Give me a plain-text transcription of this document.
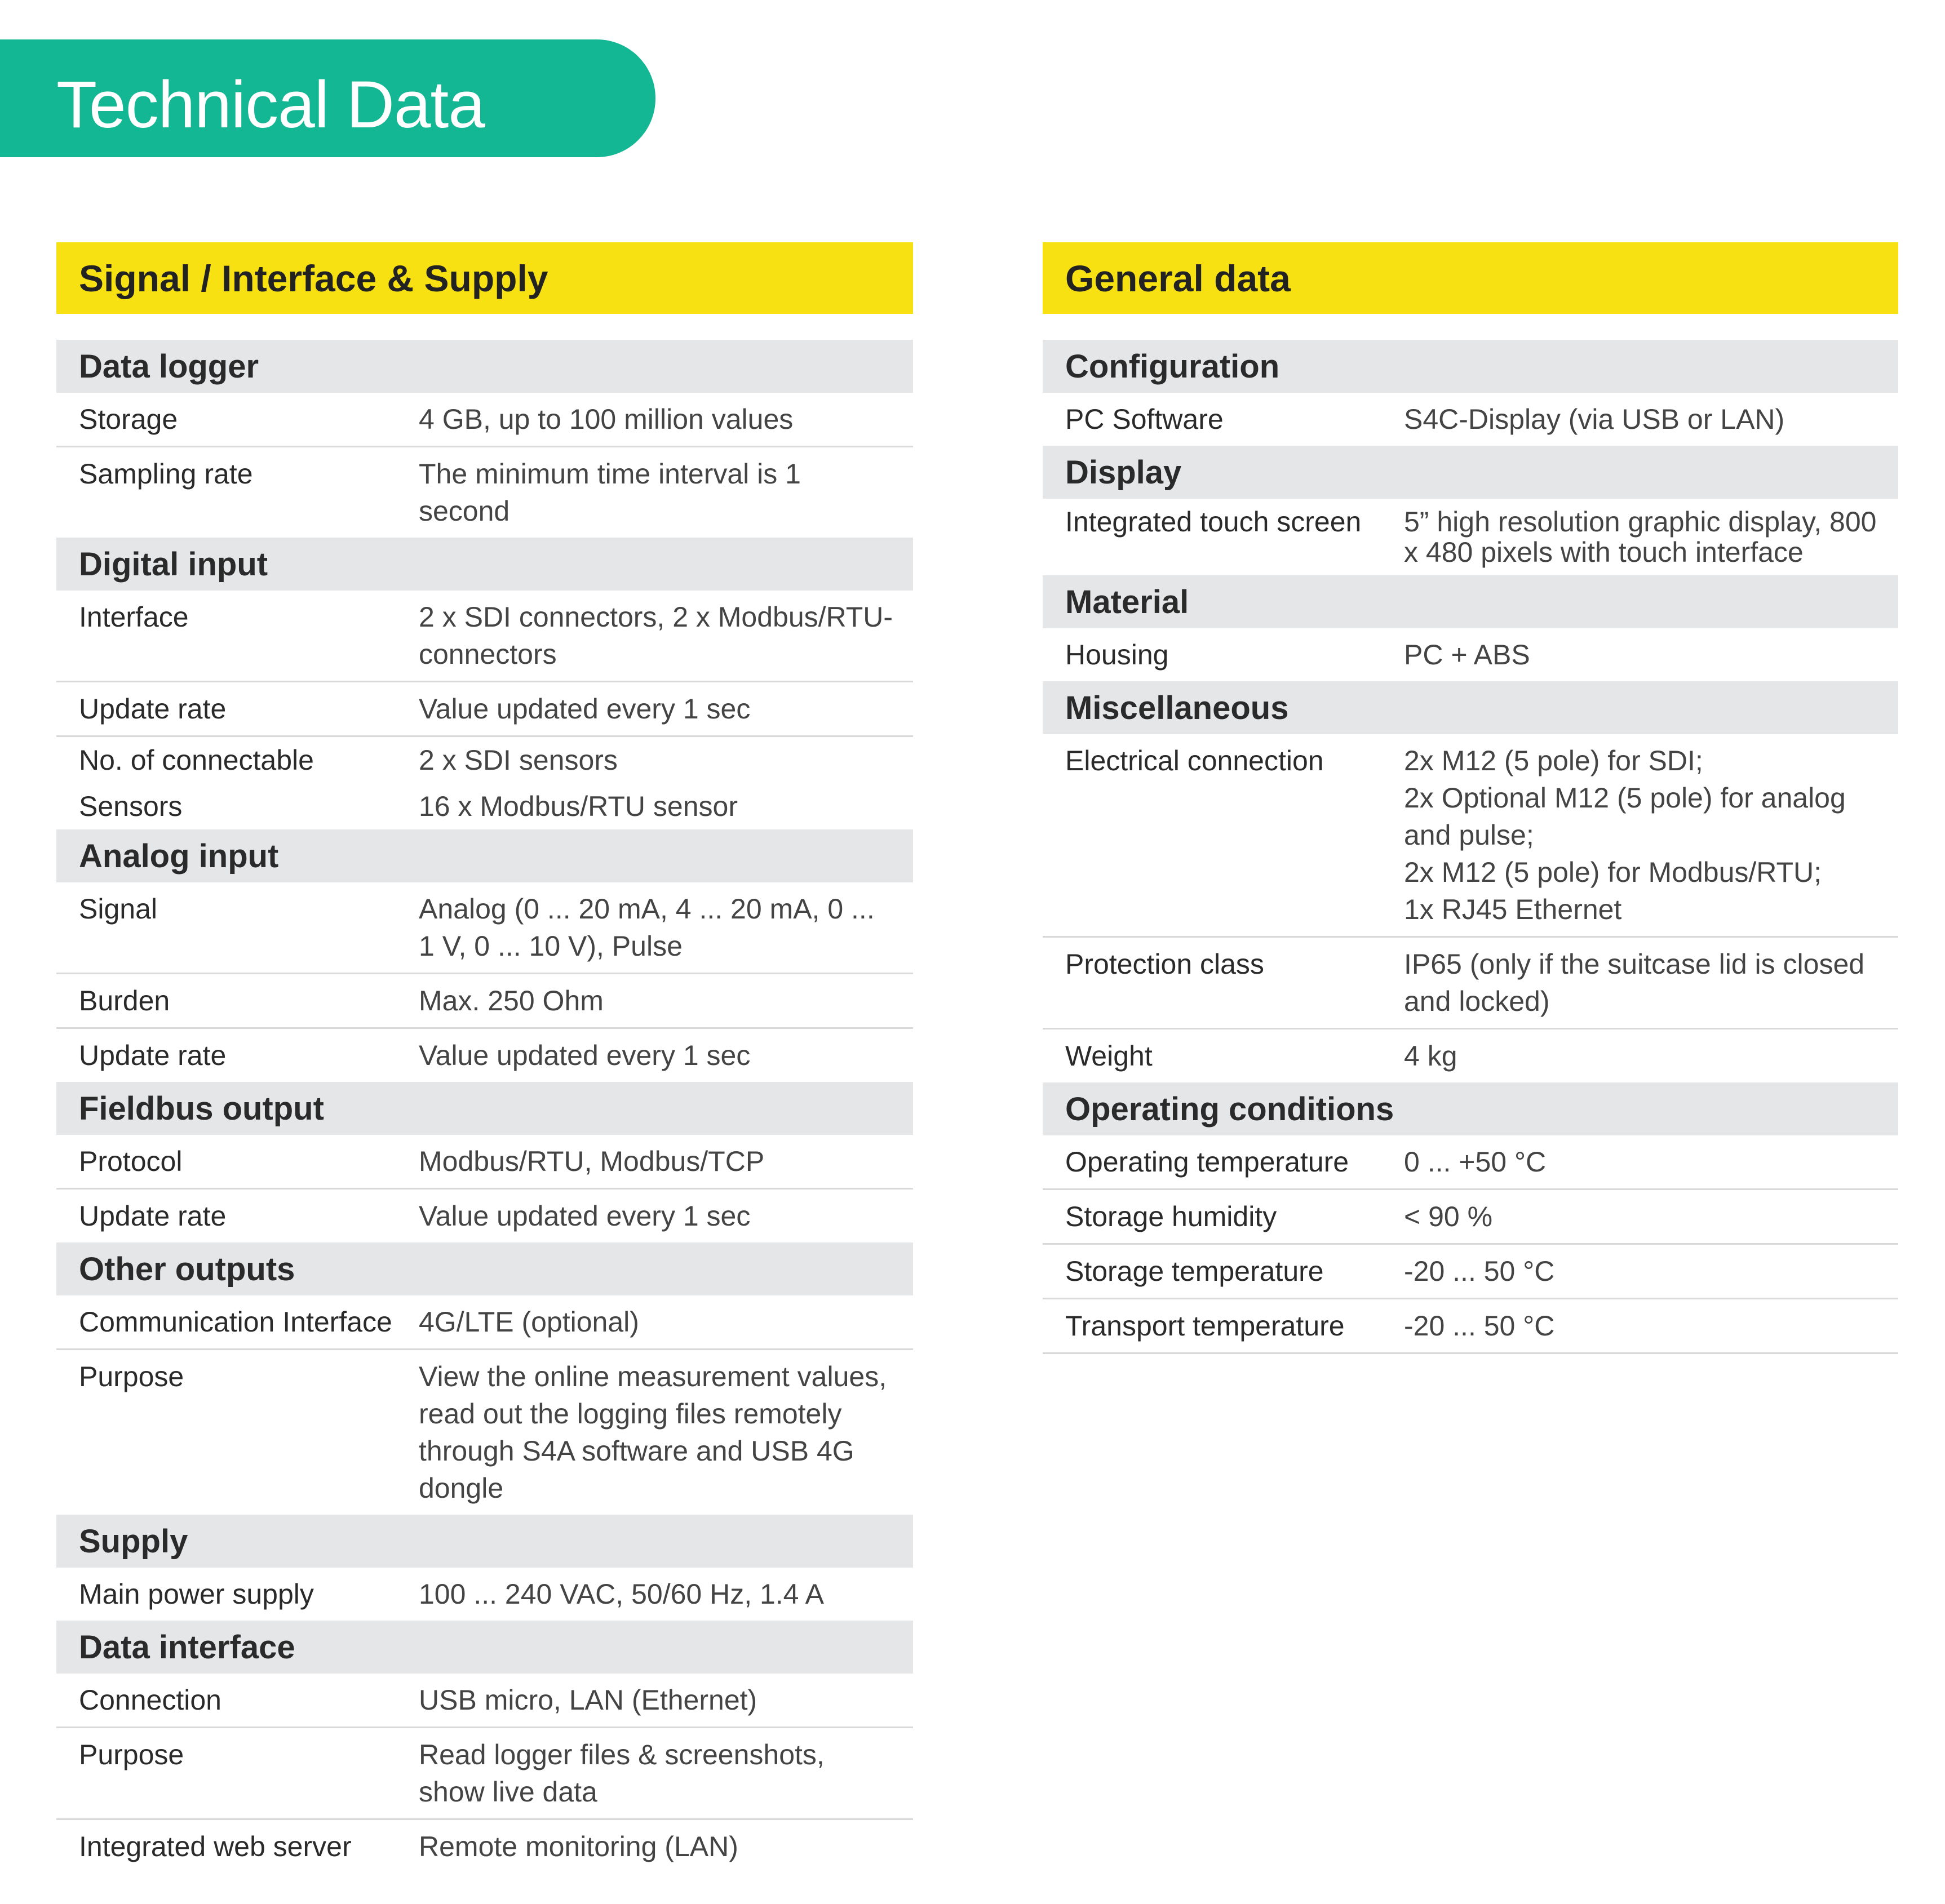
Technical Data
Signal / Interface & Supply
Data logger
Storage	4 GB, up to 100 million values
Sampling rate	The minimum time interval is 1 second
Digital input
Interface	2 x SDI connectors, 2 x Modbus/RTU-connectors
Update rate	Value updated every 1 sec
No. of connectable	2 x SDI sensors
Sensors	16 x Modbus/RTU sensor
Analog input
Signal	Analog (0 ... 20 mA, 4 ... 20 mA, 0 ... 1 V, 0 ... 10 V), Pulse
Burden	Max. 250 Ohm
Update rate	Value updated every 1 sec
Fieldbus output
Protocol	Modbus/RTU, Modbus/TCP
Update rate	Value updated every 1 sec
Other outputs
Communication Interface 4G/LTE (optional)
Purpose	View the online measurement values, read out the logging files remotely through S4A software and USB 4G dongle
Supply
Main power supply	100 ... 240 VAC, 50/60 Hz, 1.4 A
Data interface
Connection	USB micro, LAN (Ethernet)
Purpose	Read logger files & screenshots, show live data
Integrated web server	Remote monitoring (LAN)
General data
Configuration
PC Software	S4C-Display (via USB or LAN)
Display
Integrated touch screen	5” high resolution graphic display, 800 x 480 pixels with touch interface
Material
Housing	PC + ABS
Miscellaneous
Electrical connection	2x M12 (5 pole) for SDI;
2x Optional M12 (5 pole) for analog and pulse;
2x M12 (5 pole) for Modbus/RTU;
1x RJ45 Ethernet
Protection class	IP65 (only if the suitcase lid is closed and locked)
Weight	4 kg
Operating conditions
Operating temperature	0 ... +50 °C
Storage humidity	< 90 %
Storage temperature	-20 ... 50 °C
Transport temperature	-20 ... 50 °C
